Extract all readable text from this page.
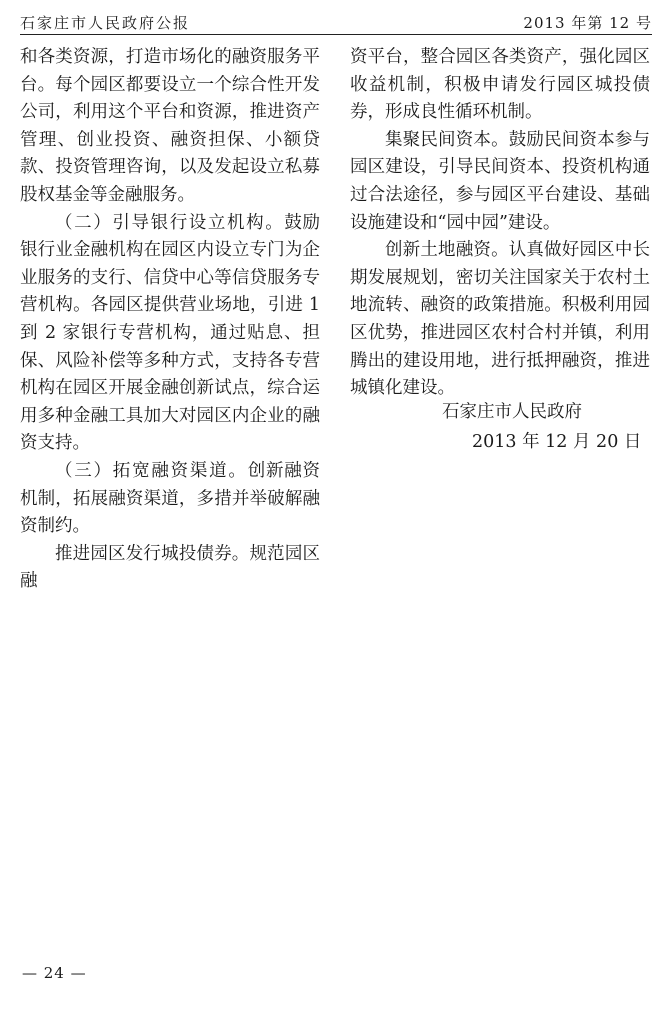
石家庄市人民政府公报	2013 年第 12 号

和各类资源，打造市场化的融资服务平台。每个园区都要设立一个综合性开发公司，利用这个平台和资源，推进资产管理、创业投资、融资担保、小额贷款、投资管理咨询，以及发起设立私募股权基金等金融服务。

（二）引导银行设立机构。鼓励银行业金融机构在园区内设立专门为企业服务的支行、信贷中心等信贷服务专营机构。各园区提供营业场地，引进 1 到 2 家银行专营机构，通过贴息、担保、风险补偿等多种方式，支持各专营机构在园区开展金融创新试点，综合运用多种金融工具加大对园区内企业的融资支持。

（三）拓宽融资渠道。创新融资机制，拓展融资渠道，多措并举破解融资制约。

推进园区发行城投债券。规范园区融

资平台，整合园区各类资产，强化园区收益机制，积极申请发行园区城投债券，形成良性循环机制。

集聚民间资本。鼓励民间资本参与园区建设，引导民间资本、投资机构通过合法途径，参与园区平台建设、基础设施建设和“园中园”建设。

创新土地融资。认真做好园区中长期发展规划，密切关注国家关于农村土地流转、融资的政策措施。积极利用园区优势，推进园区农村合村并镇，利用腾出的建设用地，进行抵押融资，推进城镇化建设。

石家庄市人民政府
2013 年 12 月 20 日
— 24 —
